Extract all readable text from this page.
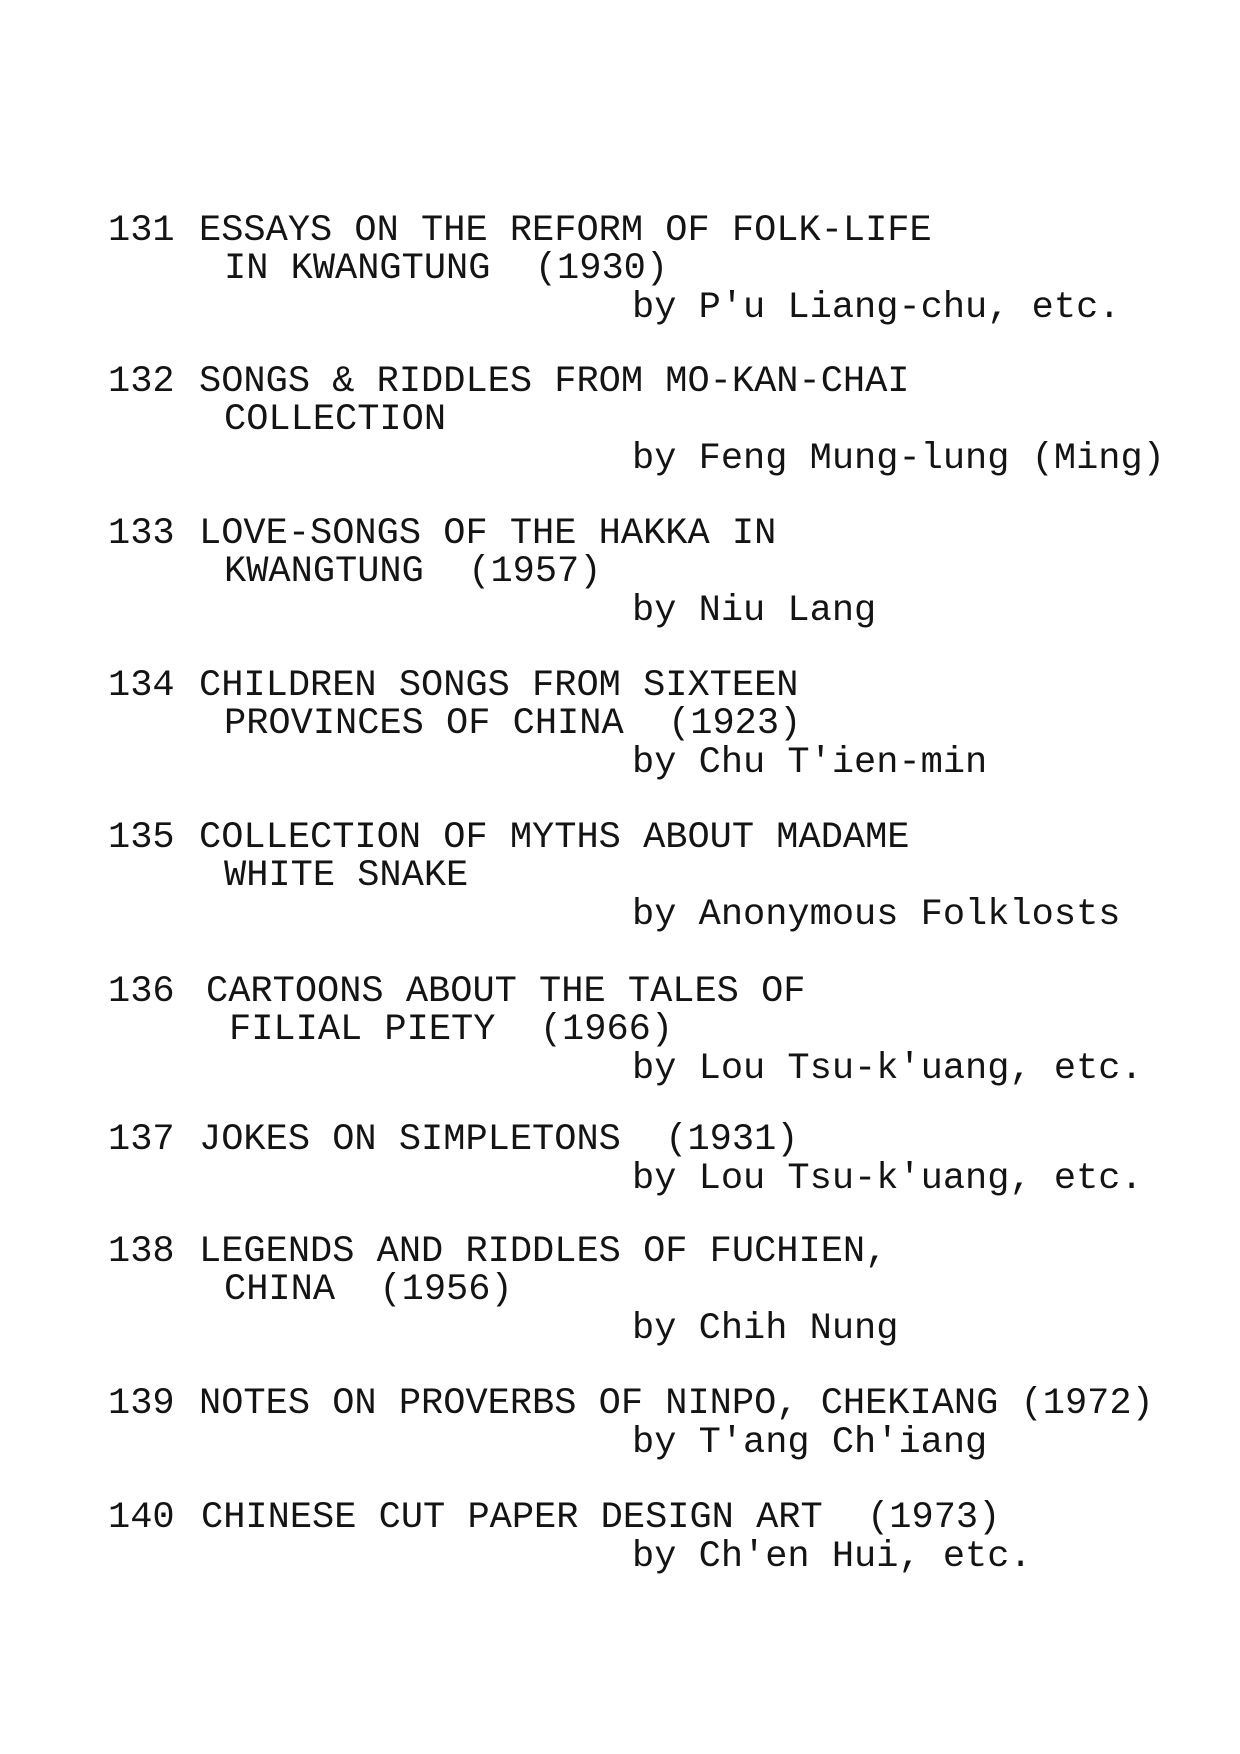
131 ESSAYS ON THE REFORM OF FOLK-LIFE
IN KWANGTUNG  (1930)
by P'u Liang-chu, etc.
132 SONGS & RIDDLES FROM MO-KAN-CHAI
COLLECTION
by Feng Mung-lung (Ming)
133 LOVE-SONGS OF THE HAKKA IN
KWANGTUNG  (1957)
by Niu Lang
134 CHILDREN SONGS FROM SIXTEEN
PROVINCES OF CHINA  (1923)
by Chu T'ien-min
135 COLLECTION OF MYTHS ABOUT MADAME
WHITE SNAKE
by Anonymous Folklosts
136 CARTOONS ABOUT THE TALES OF
FILIAL PIETY  (1966)
by Lou Tsu-k'uang, etc.
137 JOKES ON SIMPLETONS  (1931)
by Lou Tsu-k'uang, etc.
138 LEGENDS AND RIDDLES OF FUCHIEN,
CHINA  (1956)
by Chih Nung
139 NOTES ON PROVERBS OF NINPO, CHEKIANG (1972)
by T'ang Ch'iang
140 CHINESE CUT PAPER DESIGN ART  (1973)
by Ch'en Hui, etc.
